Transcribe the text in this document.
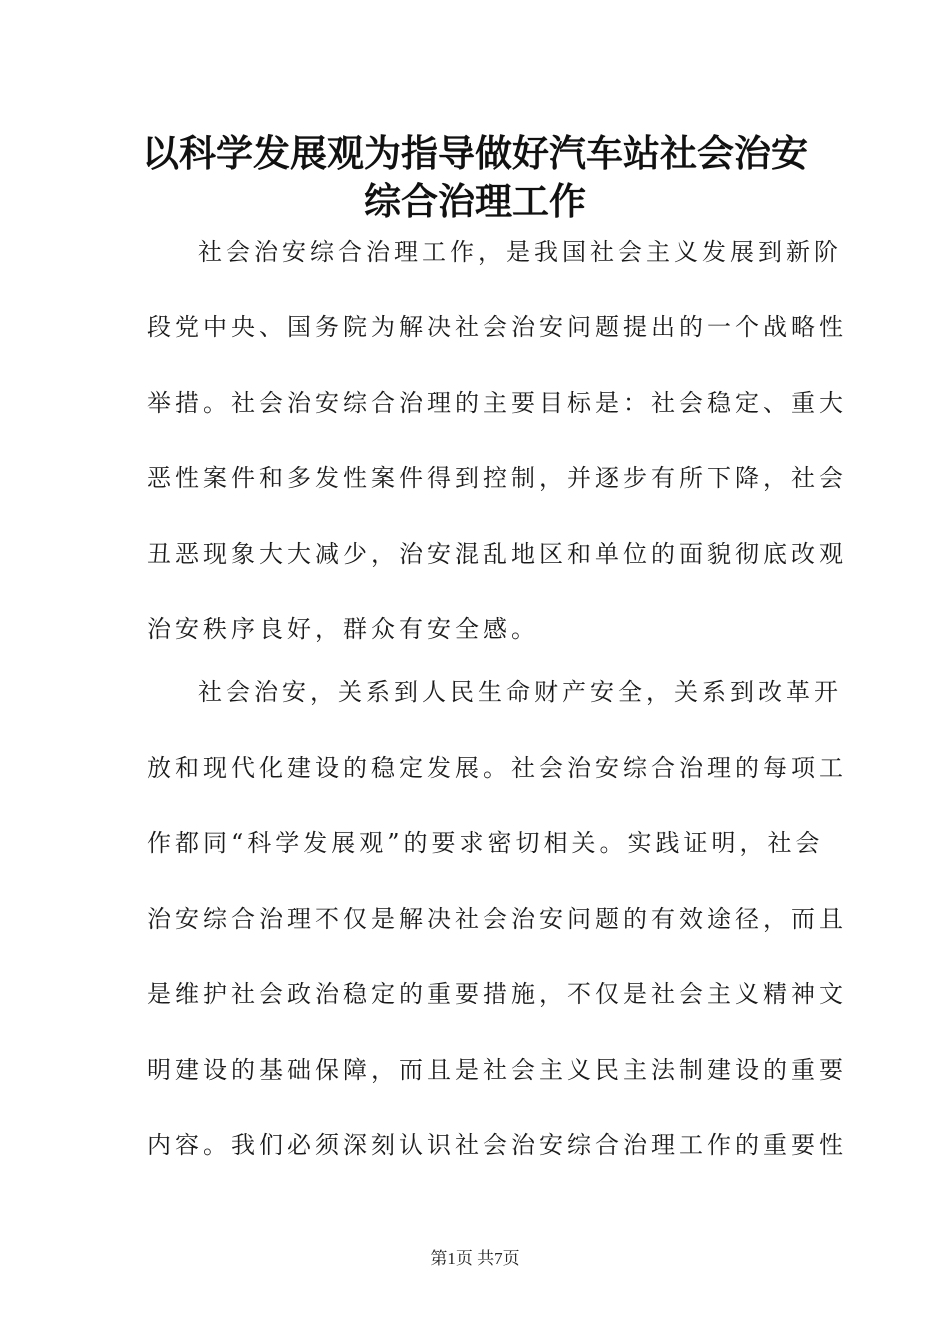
以科学发展观为指导做好汽车站社会治安
综合治理工作
社会治安综合治理工作，是我国社会主义发展到新阶
段党中央、国务院为解决社会治安问题提出的一个战略性
举措。社会治安综合治理的主要目标是：社会稳定、重大
恶性案件和多发性案件得到控制，并逐步有所下降，社会
丑恶现象大大减少，治安混乱地区和单位的面貌彻底改观
治安秩序良好，群众有安全感。
社会治安，关系到人民生命财产安全，关系到改革开
放和现代化建设的稳定发展。社会治安综合治理的每项工
作都同“科学发展观”的要求密切相关。实践证明，社会
治安综合治理不仅是解决社会治安问题的有效途径，而且
是维护社会政治稳定的重要措施，不仅是社会主义精神文
明建设的基础保障，而且是社会主义民主法制建设的重要
内容。我们必须深刻认识社会治安综合治理工作的重要性
第1页 共7页
